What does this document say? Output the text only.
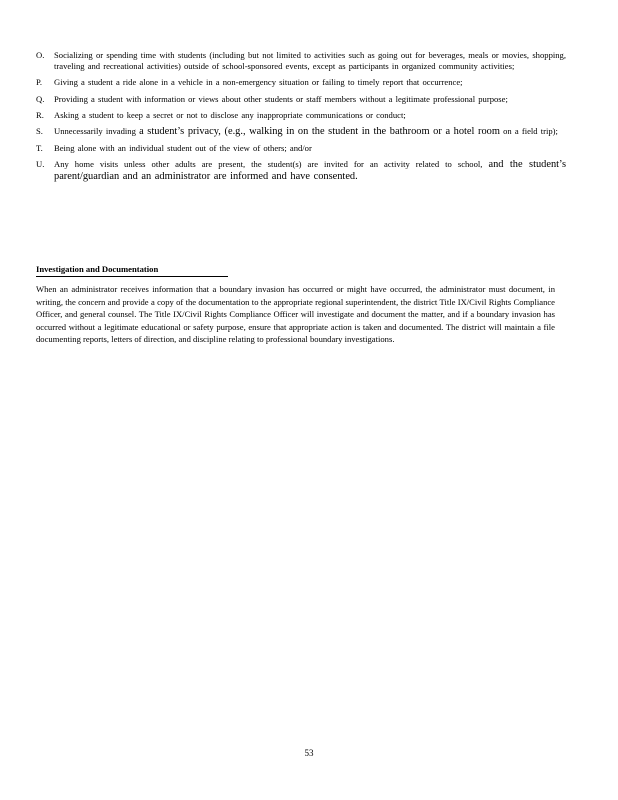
O.	Socializing or spending time with students (including but not limited to activities such as going out for beverages, meals or movies, shopping, traveling and recreational activities) outside of school-sponsored events, except as participants in organized community activities;
P.	Giving a student a ride alone in a vehicle in a non-emergency situation or failing to timely report that occurrence;
Q.	Providing a student with information or views about other students or staff members without a legitimate professional purpose;
R.	Asking a student to keep a secret or not to disclose any inappropriate communications or conduct;
S.	Unnecessarily invading a student’s privacy, (e.g., walking in on the student in the bathroom or a hotel room on a field trip);
T.	Being alone with an individual student out of the view of others; and/or
U.	Any home visits unless other adults are present, the student(s) are invited for an activity related to school, and the student’s parent/guardian and an administrator are informed and have consented.
Investigation and Documentation
When an administrator receives information that a boundary invasion has occurred or might have occurred, the administrator must document, in writing, the concern and provide a copy of the documentation to the appropriate regional superintendent, the district Title IX/Civil Rights Compliance Officer, and general counsel. The Title IX/Civil Rights Compliance Officer will investigate and document the matter, and if a boundary invasion has occurred without a legitimate educational or safety purpose, ensure that appropriate action is taken and documented. The district will maintain a file documenting reports, letters of direction, and discipline relating to professional boundary investigations.
53
